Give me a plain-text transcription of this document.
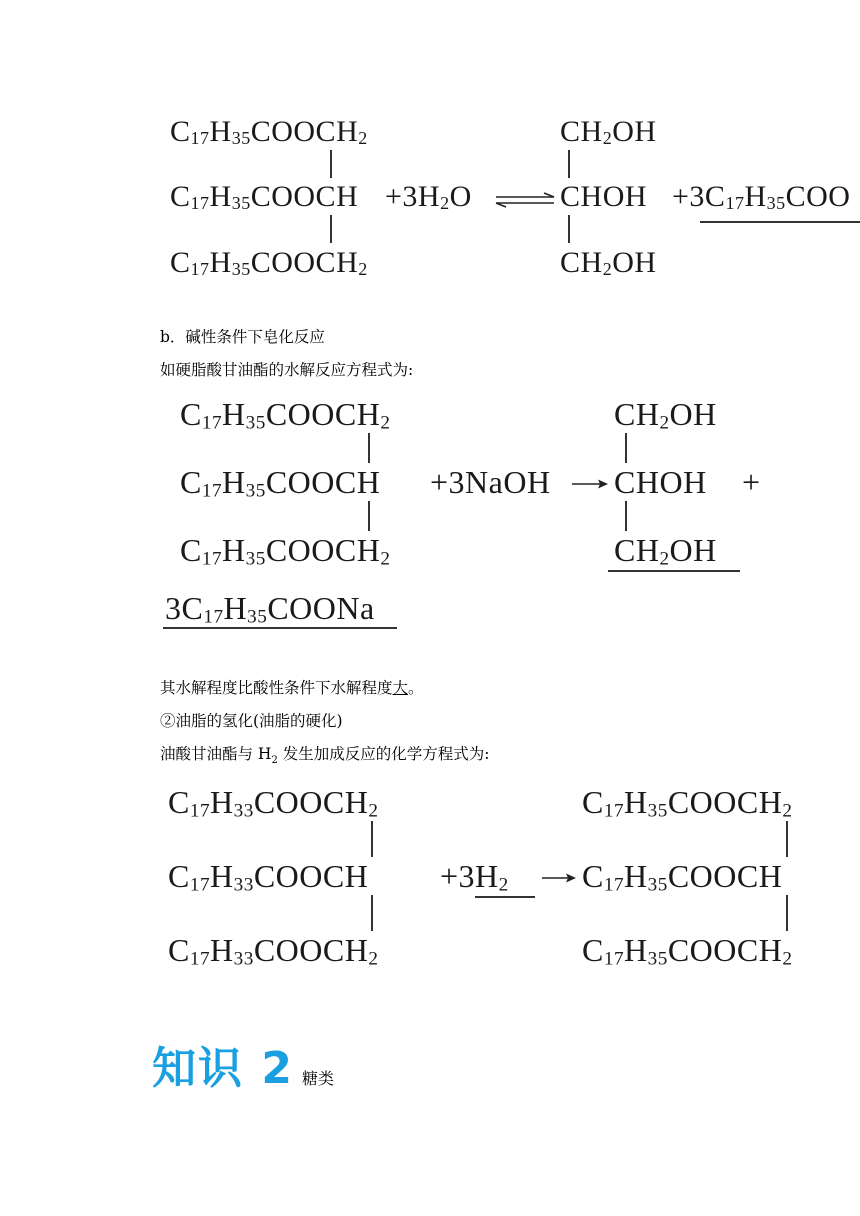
$C_{17}H_{35}COOCH_2$
$C_{17}H_{35}COOCH$
$C_{17}H_{35}COOCH_2$
$+3H_2O$ ⇌
$CH_2OH$
CHOH
$CH_2OH$
$+3C_{17}H_{35}COO$
b．碱性条件下皂化反应
如硬脂酸甘油酯的水解反应方程式为:
$C_{17}H_{35}COOCH_2$
$C_{17}H_{35}COOCH$
$C_{17}H_{35}COOCH_2$
+3NaOH
$CH_2OH$
CHOH
$CH_2OH$
+
$3C_{17}H_{35}COONa$
其水解程度比酸性条件下水解程度大。
②油脂的氢化(油脂的硬化)
油酸甘油酯与 $H_2$ 发生加成反应的化学方程式为:
$C_{17}H_{33}COOCH_2$
$C_{17}H_{33}COOCH$
$C_{17}H_{33}COOCH_2$
$+3H_2$
$C_{17}H_{35}COOCH_2$
$C_{17}H_{35}COOCH$
$C_{17}H_{35}COOCH_2$
知识 2 糖类
